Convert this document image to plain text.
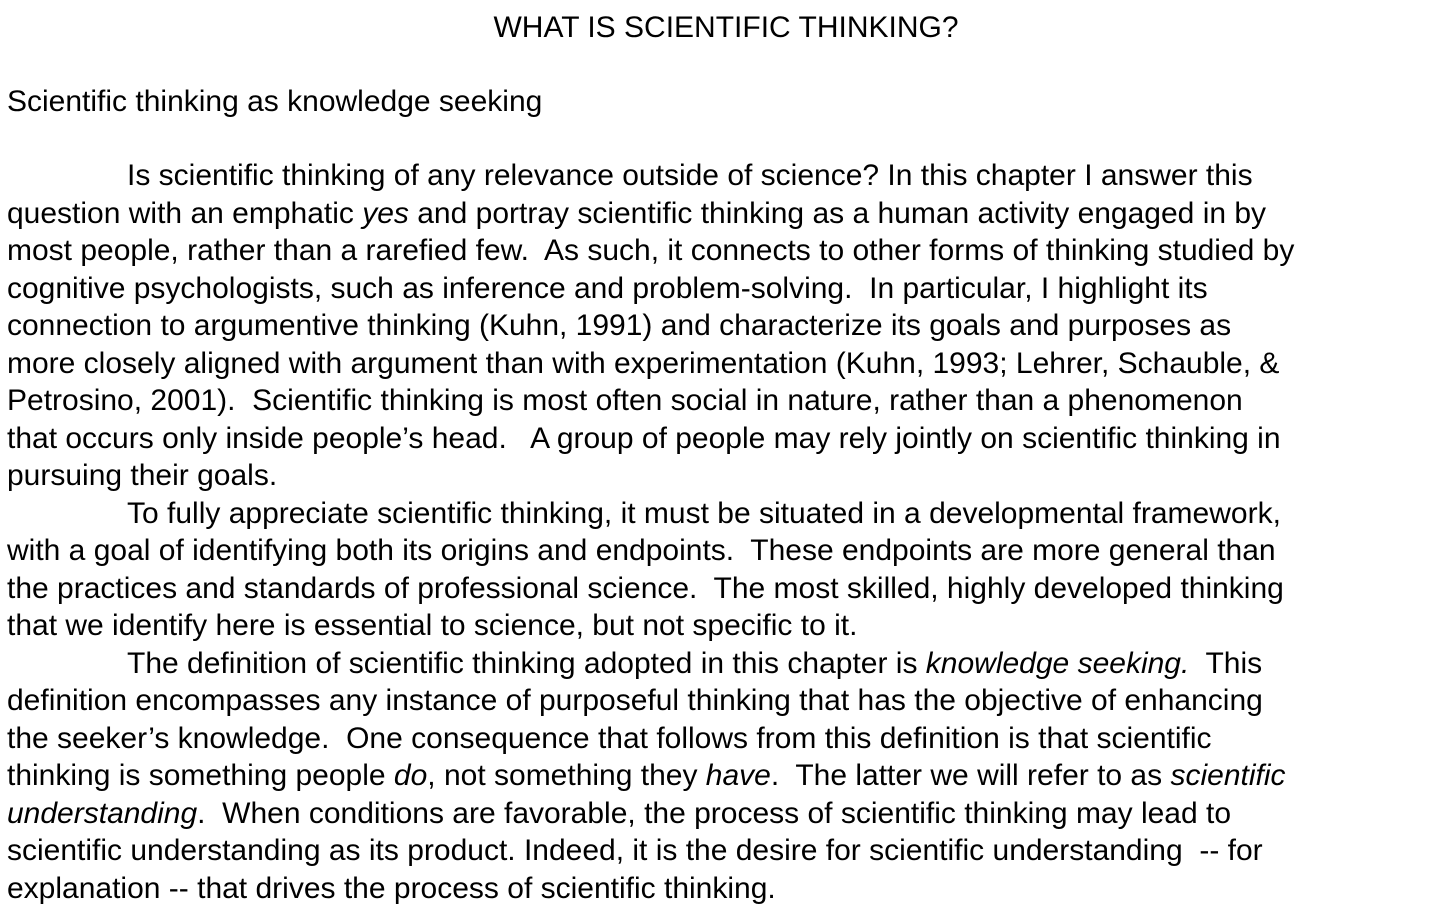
WHAT IS SCIENTIFIC THINKING?
Scientific thinking as knowledge seeking
Is scientific thinking of any relevance outside of science? In this chapter I answer this
question with an emphatic yes and portray scientific thinking as a human activity engaged in by
most people, rather than a rarefied few.  As such, it connects to other forms of thinking studied by
cognitive psychologists, such as inference and problem-solving.  In particular, I highlight its
connection to argumentive thinking (Kuhn, 1991) and characterize its goals and purposes as
more closely aligned with argument than with experimentation (Kuhn, 1993; Lehrer, Schauble, &
Petrosino, 2001).  Scientific thinking is most often social in nature, rather than a phenomenon
that occurs only inside people’s head.   A group of people may rely jointly on scientific thinking in
pursuing their goals.
To fully appreciate scientific thinking, it must be situated in a developmental framework,
with a goal of identifying both its origins and endpoints.  These endpoints are more general than
the practices and standards of professional science.  The most skilled, highly developed thinking
that we identify here is essential to science, but not specific to it.
The definition of scientific thinking adopted in this chapter is knowledge seeking.  This
definition encompasses any instance of purposeful thinking that has the objective of enhancing
the seeker’s knowledge.  One consequence that follows from this definition is that scientific
thinking is something people do, not something they have.  The latter we will refer to as scientific
understanding.  When conditions are favorable, the process of scientific thinking may lead to
scientific understanding as its product. Indeed, it is the desire for scientific understanding  -- for
explanation -- that drives the process of scientific thinking.
